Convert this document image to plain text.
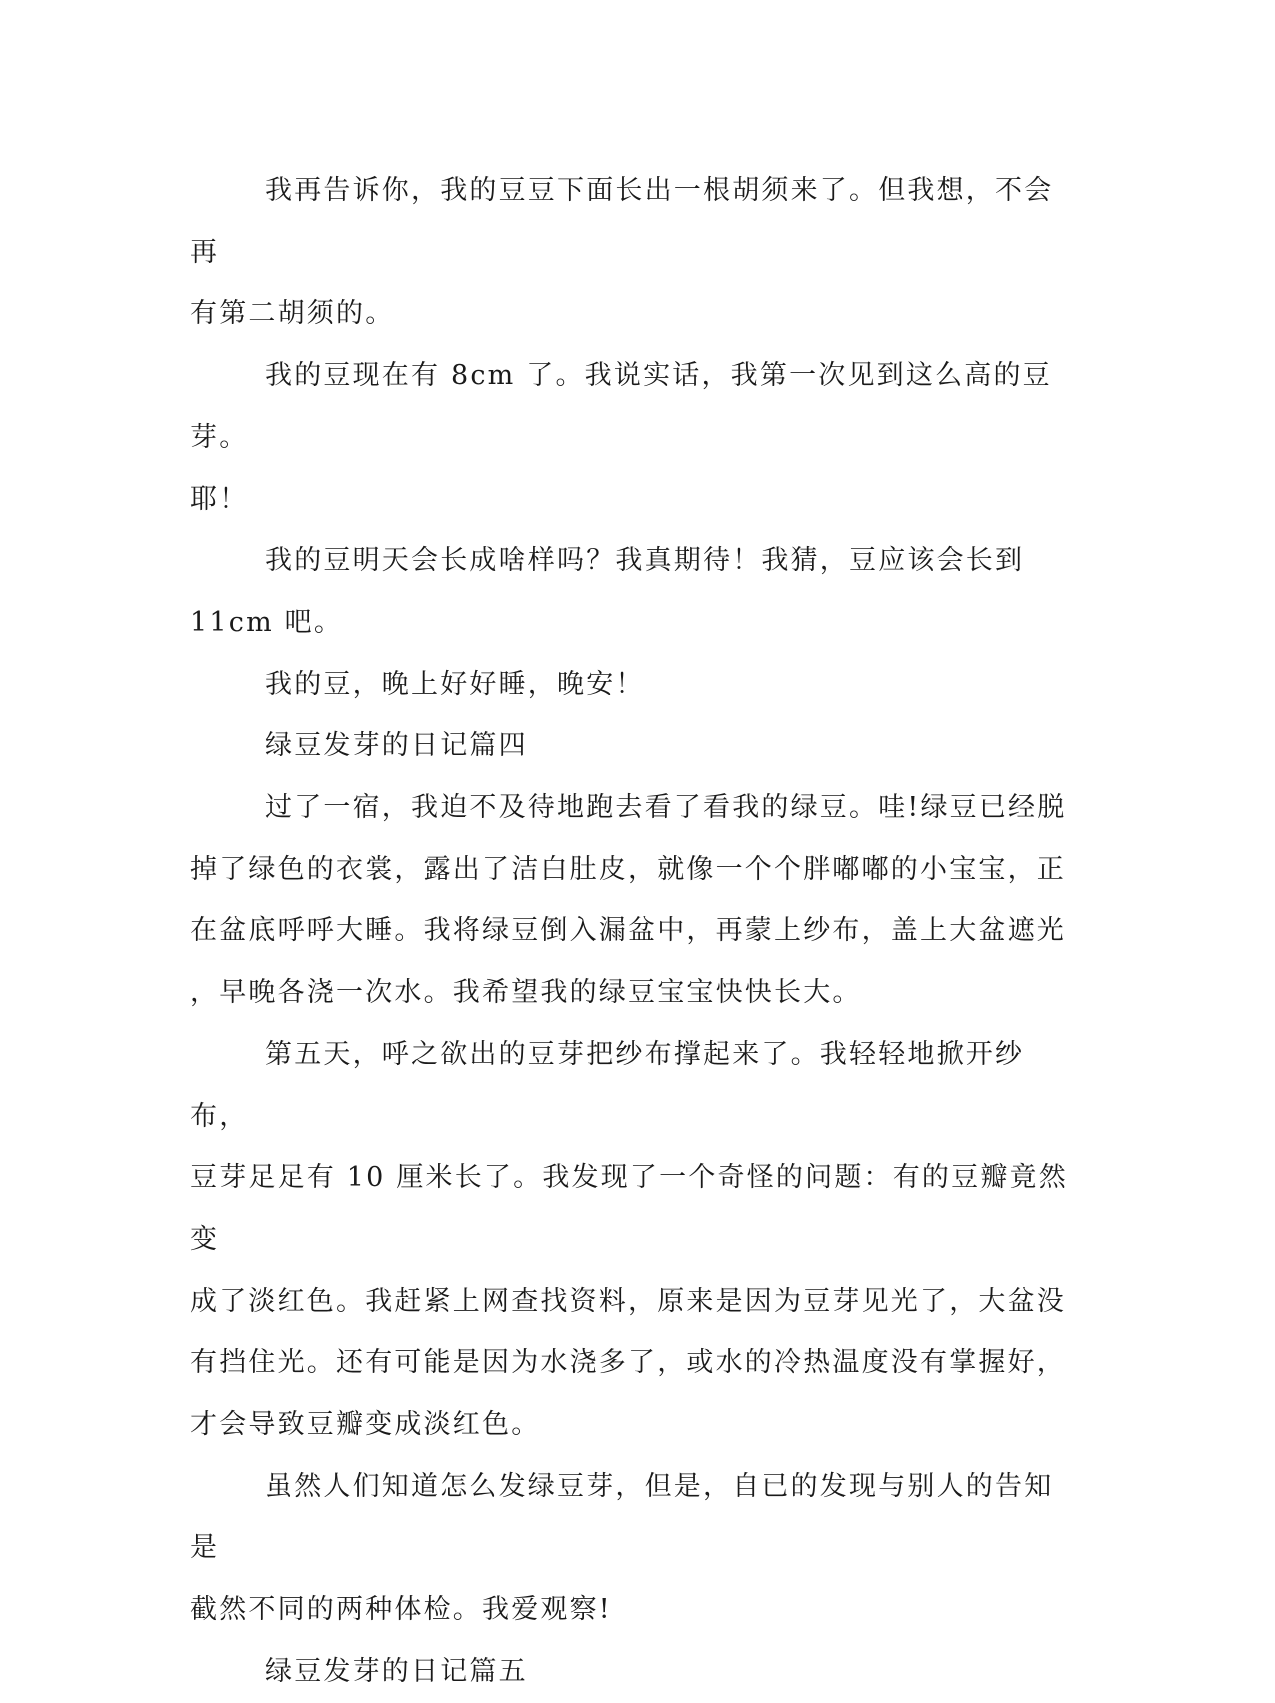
我再告诉你，我的豆豆下面长出一根胡须来了。但我想，不会再
有第二胡须的。

我的豆现在有 8cm 了。我说实话，我第一次见到这么高的豆芽。
耶！

我的豆明天会长成啥样吗？我真期待！我猜，豆应该会长到
11cm 吧。

我的豆，晚上好好睡，晚安！

绿豆发芽的日记篇四

过了一宿，我迫不及待地跑去看了看我的绿豆。哇!绿豆已经脱
掉了绿色的衣裳，露出了洁白肚皮，就像一个个胖嘟嘟的小宝宝，正
在盆底呼呼大睡。我将绿豆倒入漏盆中，再蒙上纱布，盖上大盆遮光
，早晚各浇一次水。我希望我的绿豆宝宝快快长大。

第五天，呼之欲出的豆芽把纱布撑起来了。我轻轻地掀开纱布，
豆芽足足有 10 厘米长了。我发现了一个奇怪的问题：有的豆瓣竟然变
成了淡红色。我赶紧上网查找资料，原来是因为豆芽见光了，大盆没
有挡住光。还有可能是因为水浇多了，或水的冷热温度没有掌握好，
才会导致豆瓣变成淡红色。

虽然人们知道怎么发绿豆芽，但是，自已的发现与别人的告知是
截然不同的两种体检。我爱观察!

绿豆发芽的日记篇五
